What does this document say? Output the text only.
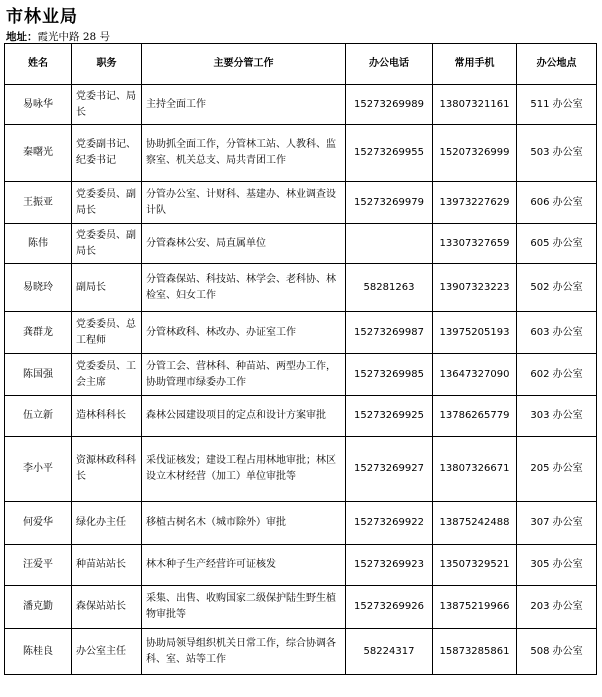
市林业局
地址：霞光中路 28 号
姓名	职务	主要分管工作	办公电话	常用手机	办公地点
易咏华	党委书记、局长	主持全面工作	15273269989	13807321161	511 办公室
秦曙光	党委副书记、纪委书记	协助抓全面工作，分管林工站、人教科、监察室、机关总支、局共青团工作	15273269955	15207326999	503 办公室
王振亚	党委委员、副局长	分管办公室、计财科、基建办、林业调查设计队	15273269979	13973227629	606 办公室
陈伟	党委委员、副局长	分管森林公安、局直属单位		13307327659	605 办公室
易晓玲	副局长	分管森保站、科技站、林学会、老科协、林检室、妇女工作	58281263	13907323223	502 办公室
龚群龙	党委委员、总工程师	分管林政科、林改办、办证室工作	15273269987	13975205193	603 办公室
陈国强	党委委员、工会主席	分管工会、营林科、种苗站、两型办工作，协助管理市绿委办工作	15273269985	13647327090	602 办公室
伍立新	造林科科长	森林公园建设项目的定点和设计方案审批	15273269925	13786265779	303 办公室
李小平	资源林政科科长	采伐证核发；建设工程占用林地审批；林区设立木材经营（加工）单位审批等	15273269927	13807326671	205 办公室
何爱华	绿化办主任	移植古树名木（城市除外）审批	15273269922	13875242488	307 办公室
汪爱平	种苗站站长	林木种子生产经营许可证核发	15273269923	13507329521	305 办公室
潘克勤	森保站站长	采集、出售、收购国家二级保护陆生野生植物审批等	15273269926	13875219966	203 办公室
陈桂良	办公室主任	协助局领导组织机关日常工作，综合协调各科、室、站等工作	58224317	15873285861	508 办公室
